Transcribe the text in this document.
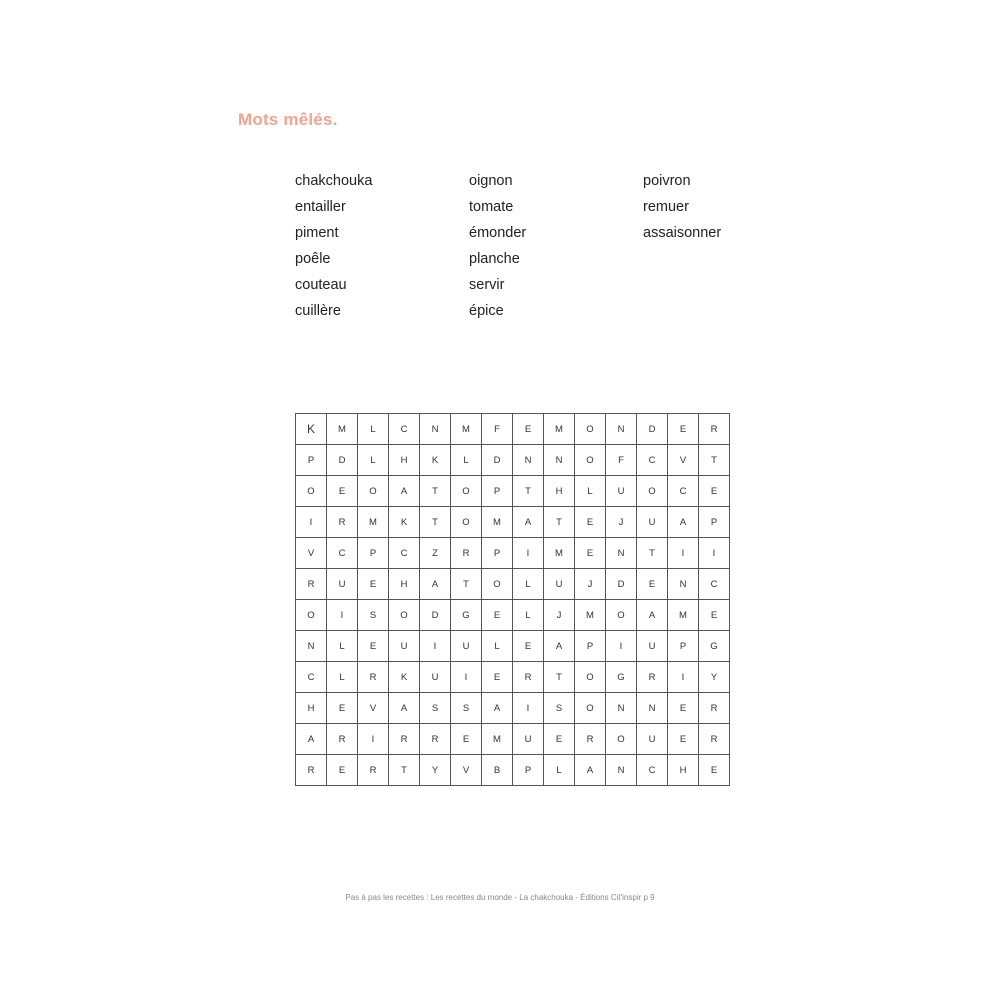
Mots mêlés.
chakchouka
entailler
piment
poêle
couteau
cuillère
oignon
tomate
émonder
planche
servir
épice
poivron
remuer
assaisonner
K	M	L	C	N	M	F	E	M	O	N	D	E	R
P	D	L	H	K	L	D	N	N	O	F	C	V	T
O	E	O	A	T	O	P	T	H	L	U	O	C	E
I	R	M	K	T	O	M	A	T	E	J	U	A	P
V	C	P	C	Z	R	P	I	M	E	N	T	I	I
R	U	E	H	A	T	O	L	U	J	D	E	N	C
O	I	S	O	D	G	E	L	J	M	O	A	M	E
N	L	E	U	I	U	L	E	A	P	I	U	P	G
C	L	R	K	U	I	E	R	T	O	G	R	I	Y
H	E	V	A	S	S	A	I	S	O	N	N	E	R
A	R	I	R	R	E	M	U	E	R	O	U	E	R
R	E	R	T	Y	V	B	P	L	A	N	C	H	E
Pas à pas les recettes : Les recettes du monde - La chakchouka - Éditions Cit'inspir p 9
